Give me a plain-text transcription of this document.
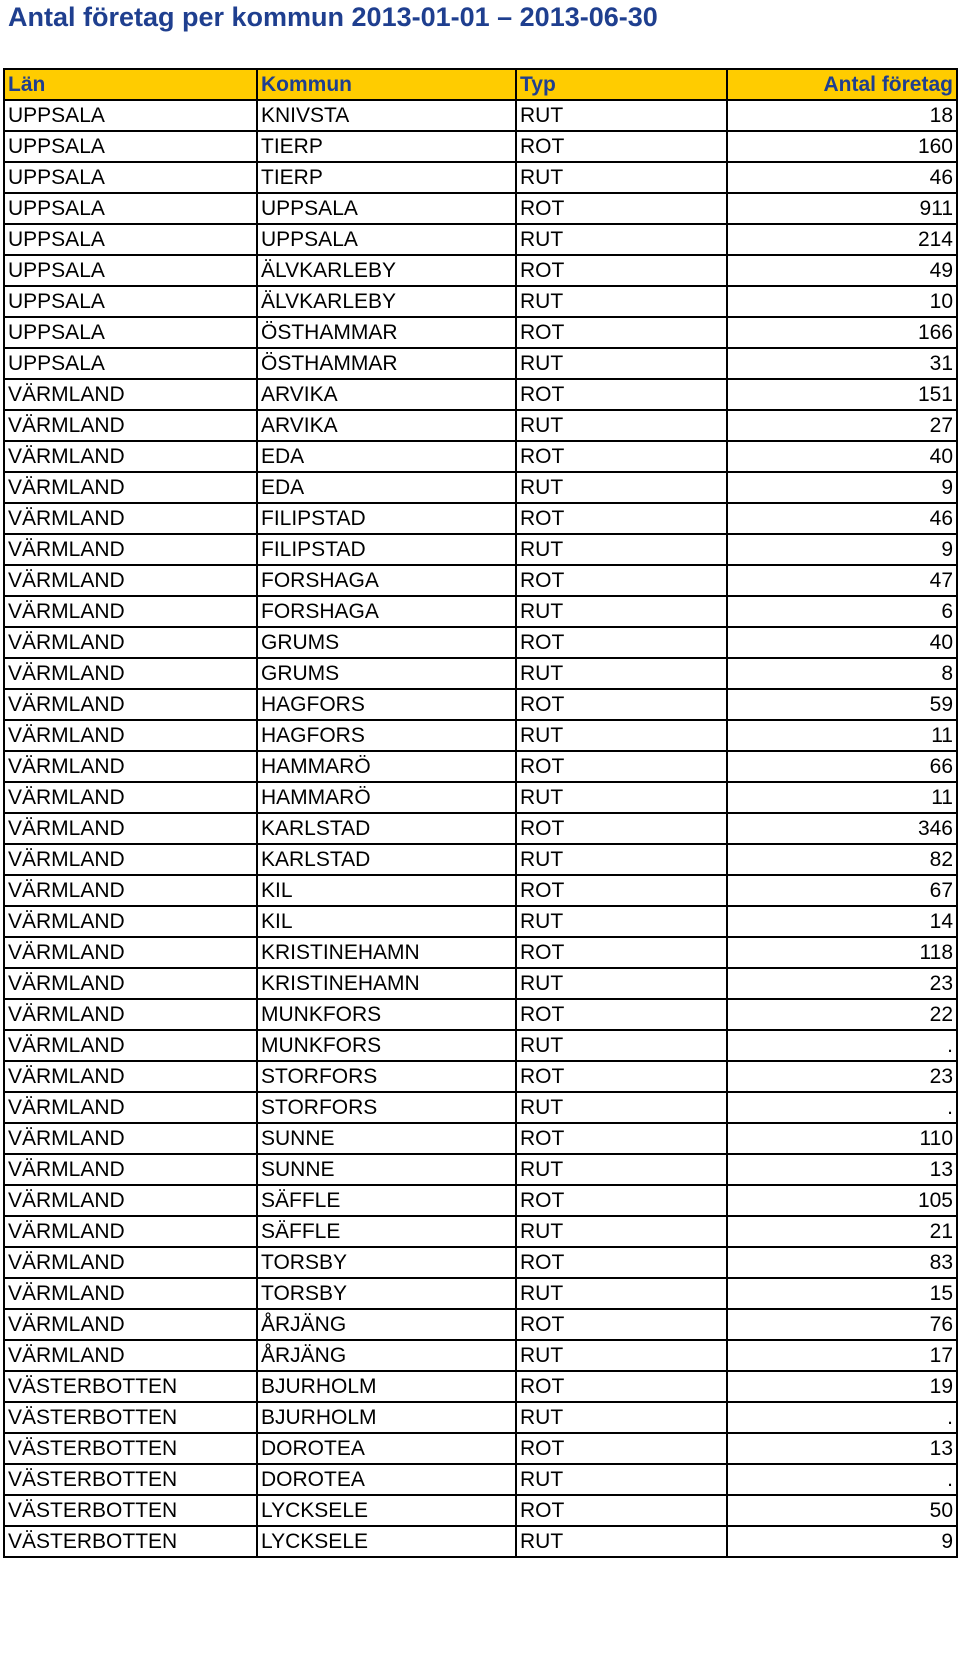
Antal företag per kommun 2013-01-01 – 2013-06-30
Län	Kommun	Typ	Antal företag
UPPSALA	KNIVSTA	RUT	18
UPPSALA	TIERP	ROT	160
UPPSALA	TIERP	RUT	46
UPPSALA	UPPSALA	ROT	911
UPPSALA	UPPSALA	RUT	214
UPPSALA	ÄLVKARLEBY	ROT	49
UPPSALA	ÄLVKARLEBY	RUT	10
UPPSALA	ÖSTHAMMAR	ROT	166
UPPSALA	ÖSTHAMMAR	RUT	31
VÄRMLAND	ARVIKA	ROT	151
VÄRMLAND	ARVIKA	RUT	27
VÄRMLAND	EDA	ROT	40
VÄRMLAND	EDA	RUT	9
VÄRMLAND	FILIPSTAD	ROT	46
VÄRMLAND	FILIPSTAD	RUT	9
VÄRMLAND	FORSHAGA	ROT	47
VÄRMLAND	FORSHAGA	RUT	6
VÄRMLAND	GRUMS	ROT	40
VÄRMLAND	GRUMS	RUT	8
VÄRMLAND	HAGFORS	ROT	59
VÄRMLAND	HAGFORS	RUT	11
VÄRMLAND	HAMMARÖ	ROT	66
VÄRMLAND	HAMMARÖ	RUT	11
VÄRMLAND	KARLSTAD	ROT	346
VÄRMLAND	KARLSTAD	RUT	82
VÄRMLAND	KIL	ROT	67
VÄRMLAND	KIL	RUT	14
VÄRMLAND	KRISTINEHAMN	ROT	118
VÄRMLAND	KRISTINEHAMN	RUT	23
VÄRMLAND	MUNKFORS	ROT	22
VÄRMLAND	MUNKFORS	RUT	.
VÄRMLAND	STORFORS	ROT	23
VÄRMLAND	STORFORS	RUT	.
VÄRMLAND	SUNNE	ROT	110
VÄRMLAND	SUNNE	RUT	13
VÄRMLAND	SÄFFLE	ROT	105
VÄRMLAND	SÄFFLE	RUT	21
VÄRMLAND	TORSBY	ROT	83
VÄRMLAND	TORSBY	RUT	15
VÄRMLAND	ÅRJÄNG	ROT	76
VÄRMLAND	ÅRJÄNG	RUT	17
VÄSTERBOTTEN	BJURHOLM	ROT	19
VÄSTERBOTTEN	BJURHOLM	RUT	.
VÄSTERBOTTEN	DOROTEA	ROT	13
VÄSTERBOTTEN	DOROTEA	RUT	.
VÄSTERBOTTEN	LYCKSELE	ROT	50
VÄSTERBOTTEN	LYCKSELE	RUT	9
